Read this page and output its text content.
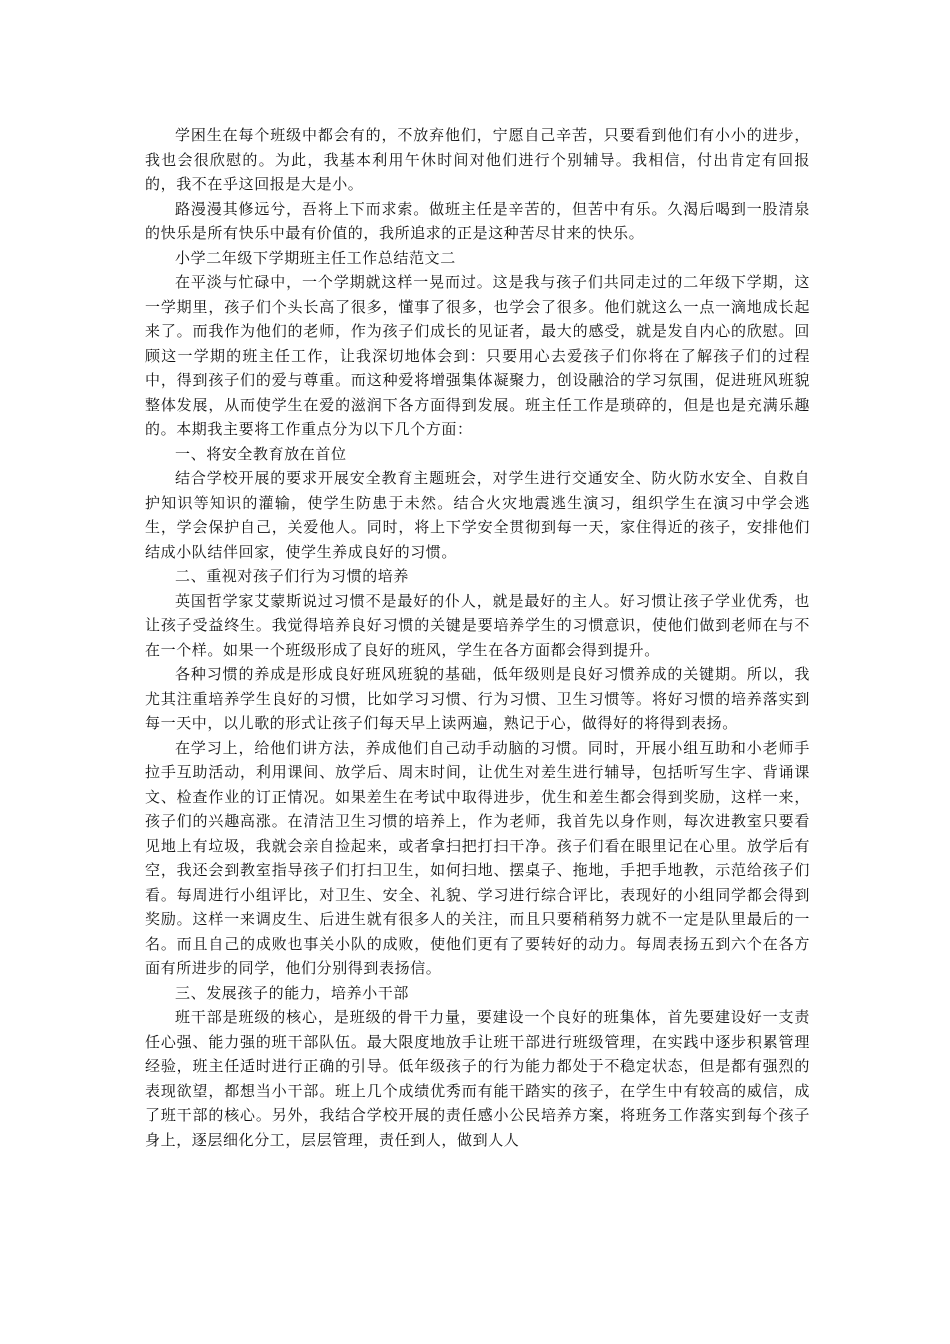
学困生在每个班级中都会有的，不放弃他们，宁愿自己辛苦，只要看到他们有小小的进步，我也会很欣慰的。为此，我基本利用午休时间对他们进行个别辅导。我相信，付出肯定有回报的，我不在乎这回报是大是小。

路漫漫其修远兮，吾将上下而求索。做班主任是辛苦的，但苦中有乐。久渴后喝到一股清泉的快乐是所有快乐中最有价值的，我所追求的正是这种苦尽甘来的快乐。

小学二年级下学期班主任工作总结范文二

在平淡与忙碌中，一个学期就这样一晃而过。这是我与孩子们共同走过的二年级下学期，这一学期里，孩子们个头长高了很多，懂事了很多，也学会了很多。他们就这么一点一滴地成长起来了。而我作为他们的老师，作为孩子们成长的见证者，最大的感受，就是发自内心的欣慰。回顾这一学期的班主任工作，让我深切地体会到：只要用心去爱孩子们你将在了解孩子们的过程中，得到孩子们的爱与尊重。而这种爱将增强集体凝聚力，创设融洽的学习氛围，促进班风班貌整体发展，从而使学生在爱的滋润下各方面得到发展。班主任工作是琐碎的，但是也是充满乐趣的。本期我主要将工作重点分为以下几个方面：

一、将安全教育放在首位

结合学校开展的要求开展安全教育主题班会，对学生进行交通安全、防火防水安全、自救自护知识等知识的灌输，使学生防患于未然。结合火灾地震逃生演习，组织学生在演习中学会逃生，学会保护自己，关爱他人。同时，将上下学安全贯彻到每一天，家住得近的孩子，安排他们结成小队结伴回家，使学生养成良好的习惯。

二、重视对孩子们行为习惯的培养

英国哲学家艾蒙斯说过习惯不是最好的仆人，就是最好的主人。好习惯让孩子学业优秀，也让孩子受益终生。我觉得培养良好习惯的关键是要培养学生的习惯意识，使他们做到老师在与不在一个样。如果一个班级形成了良好的班风，学生在各方面都会得到提升。

各种习惯的养成是形成良好班风班貌的基础，低年级则是良好习惯养成的关键期。所以，我尤其注重培养学生良好的习惯，比如学习习惯、行为习惯、卫生习惯等。将好习惯的培养落实到每一天中，以儿歌的形式让孩子们每天早上读两遍，熟记于心，做得好的将得到表扬。

在学习上，给他们讲方法，养成他们自己动手动脑的习惯。同时，开展小组互助和小老师手拉手互助活动，利用课间、放学后、周末时间，让优生对差生进行辅导，包括听写生字、背诵课文、检查作业的订正情况。如果差生在考试中取得进步，优生和差生都会得到奖励，这样一来，孩子们的兴趣高涨。在清洁卫生习惯的培养上，作为老师，我首先以身作则，每次进教室只要看见地上有垃圾，我就会亲自捡起来，或者拿扫把打扫干净。孩子们看在眼里记在心里。放学后有空，我还会到教室指导孩子们打扫卫生，如何扫地、摆桌子、拖地，手把手地教，示范给孩子们看。每周进行小组评比，对卫生、安全、礼貌、学习进行综合评比，表现好的小组同学都会得到奖励。这样一来调皮生、后进生就有很多人的关注，而且只要稍稍努力就不一定是队里最后的一名。而且自己的成败也事关小队的成败，使他们更有了要转好的动力。每周表扬五到六个在各方面有所进步的同学，他们分别得到表扬信。

三、发展孩子的能力，培养小干部

班干部是班级的核心，是班级的骨干力量，要建设一个良好的班集体，首先要建设好一支责任心强、能力强的班干部队伍。最大限度地放手让班干部进行班级管理，在实践中逐步积累管理经验，班主任适时进行正确的引导。低年级孩子的行为能力都处于不稳定状态，但是都有强烈的表现欲望，都想当小干部。班上几个成绩优秀而有能干踏实的孩子，在学生中有较高的威信，成了班干部的核心。另外，我结合学校开展的责任感小公民培养方案，将班务工作落实到每个孩子身上，逐层细化分工，层层管理，责任到人，做到人人
